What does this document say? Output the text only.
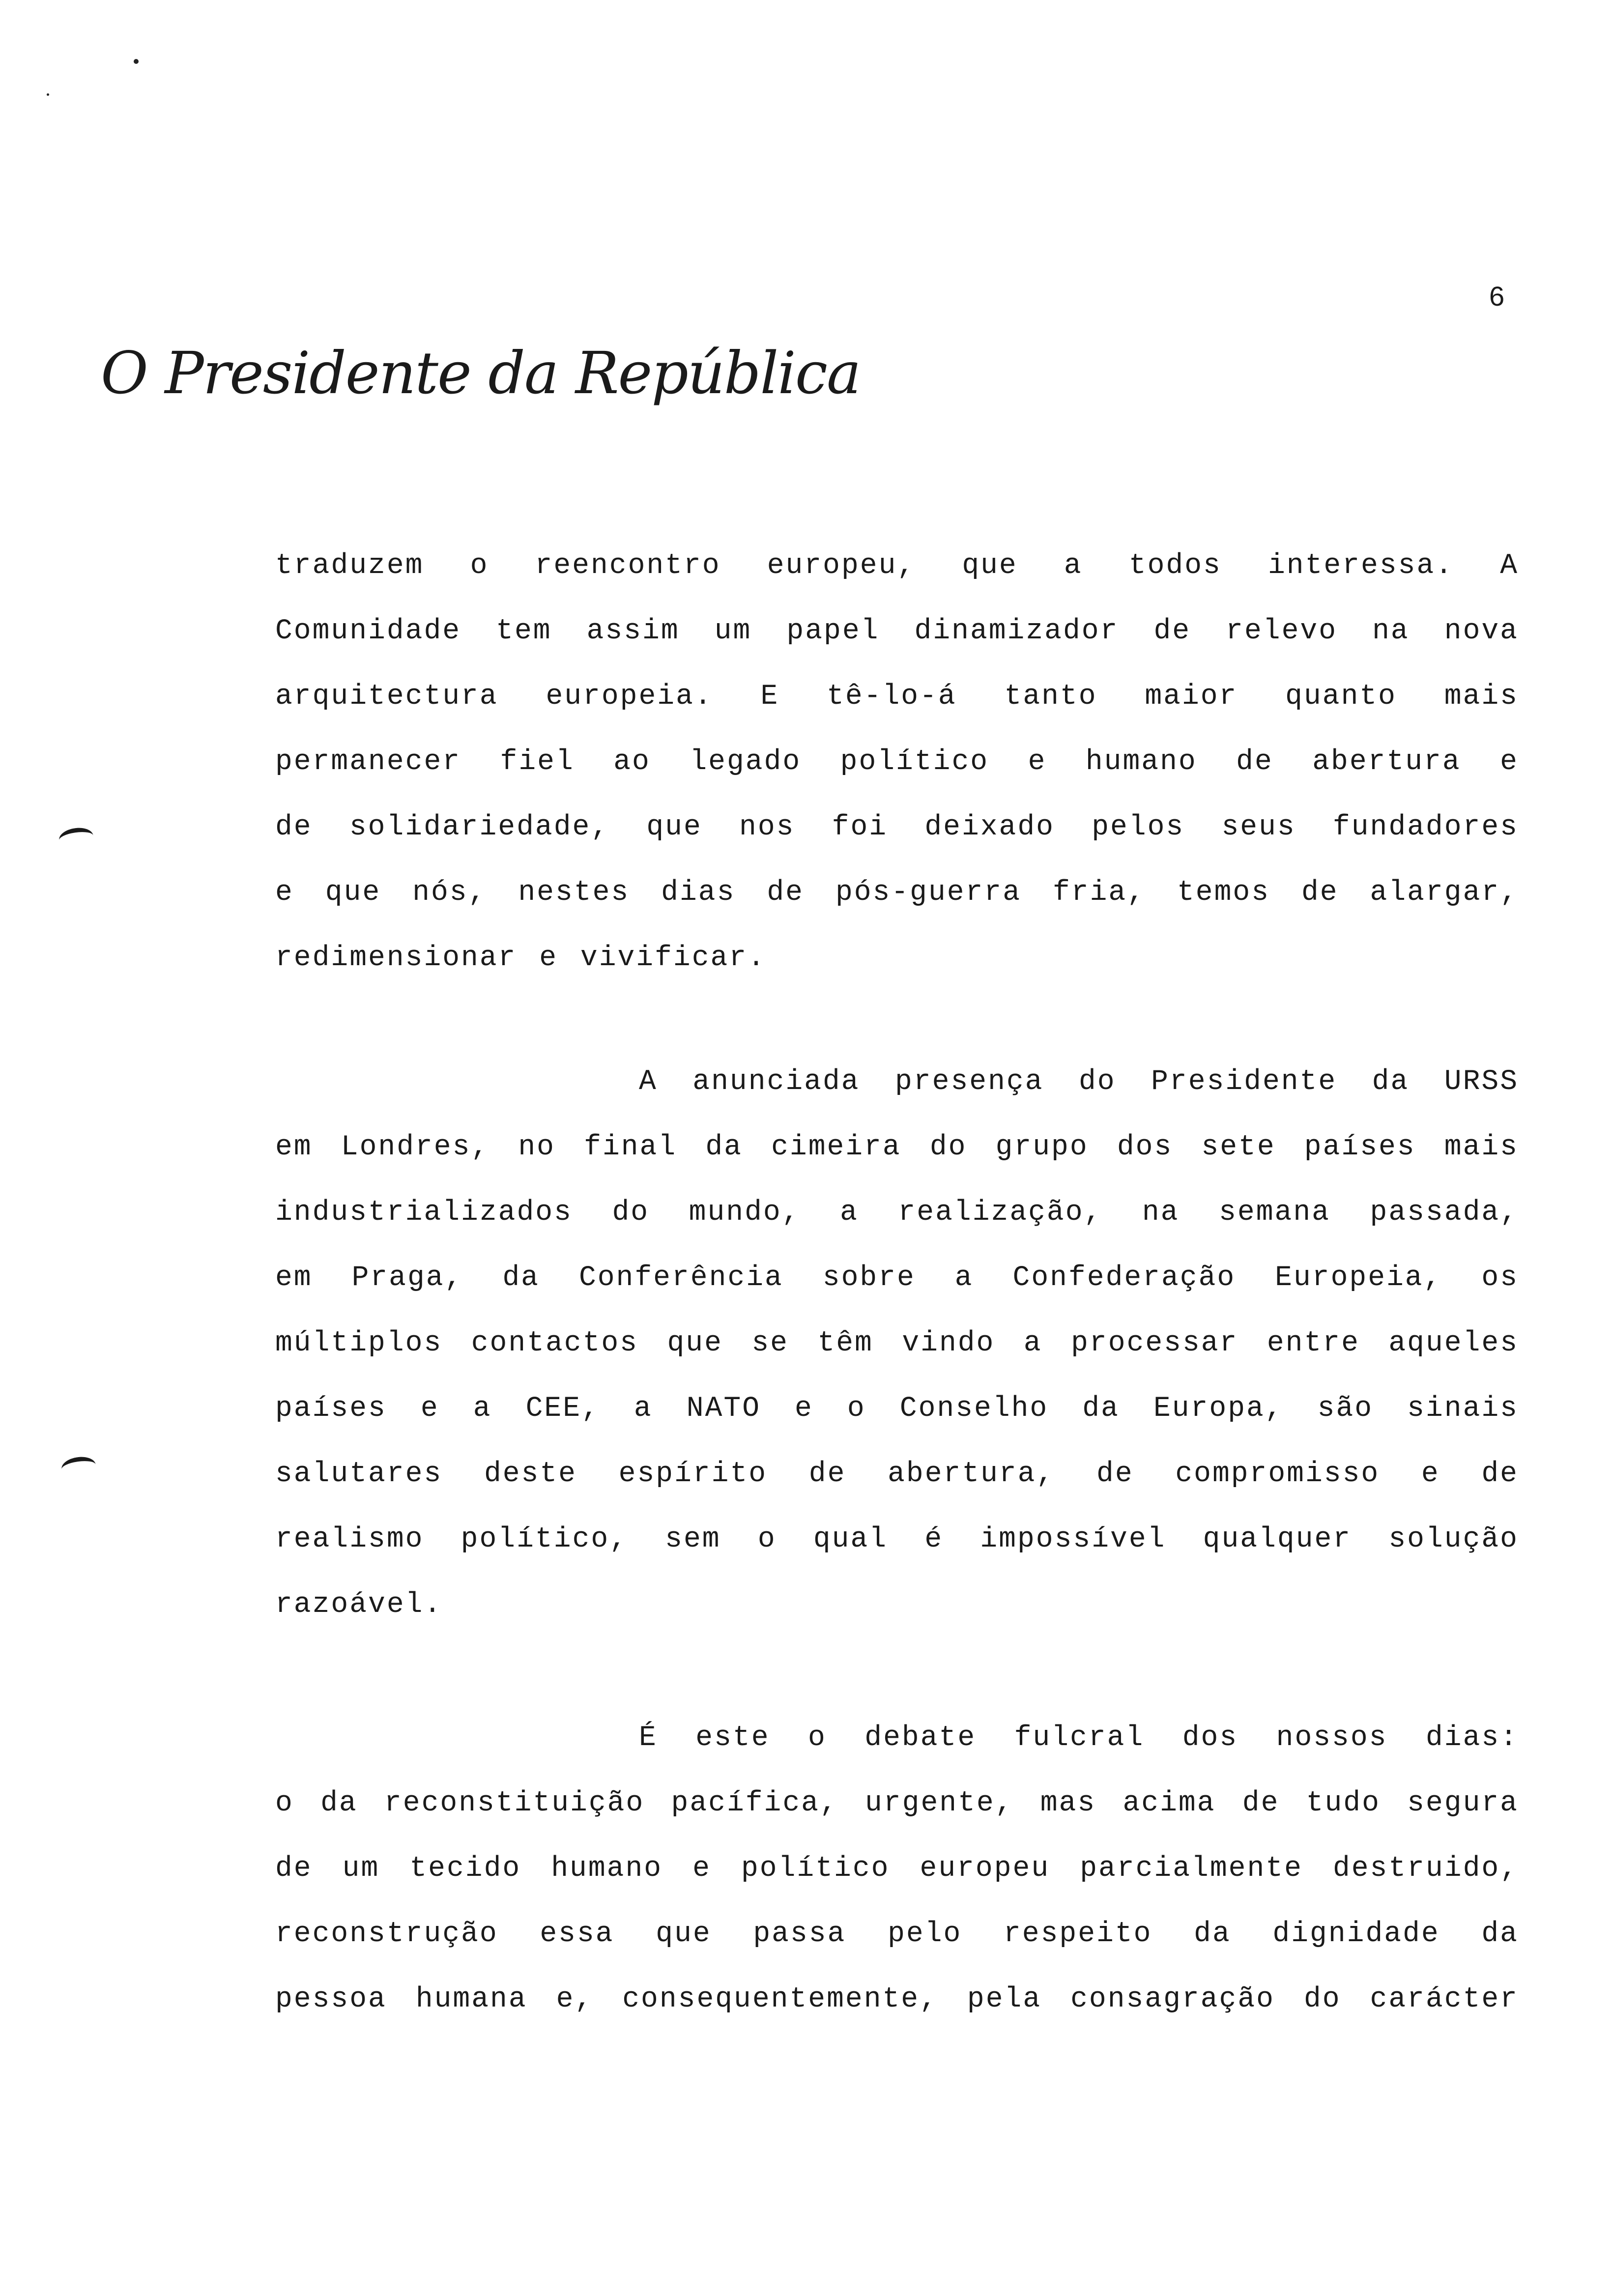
6
O Presidente da República
traduzem o reencontro europeu, que a todos interessa. A
Comunidade tem assim um papel dinamizador de relevo na nova
arquitectura europeia. E tê-lo-á tanto maior quanto mais
permanecer fiel ao legado político e humano de abertura e
de solidariedade, que nos foi deixado pelos seus fundadores
e que nós, nestes dias de pós-guerra fria, temos de alargar,
redimensionar e vivificar.
A anunciada presença do Presidente da URSS
em Londres, no final da cimeira do grupo dos sete países mais
industrializados do mundo, a realização, na semana passada,
em Praga, da Conferência sobre a Confederação Europeia, os
múltiplos contactos que se têm vindo a processar entre aqueles
países e a CEE, a NATO e o Conselho da Europa, são sinais
salutares deste espírito de abertura, de compromisso e de
realismo político, sem o qual é impossível qualquer solução
razoável.
É este o debate fulcral dos nossos dias:
o da reconstituição pacífica, urgente, mas acima de tudo segura
de um tecido humano e político europeu parcialmente destruido,
reconstrução essa que passa pelo respeito da dignidade da
pessoa humana e, consequentemente, pela consagração do carácter
